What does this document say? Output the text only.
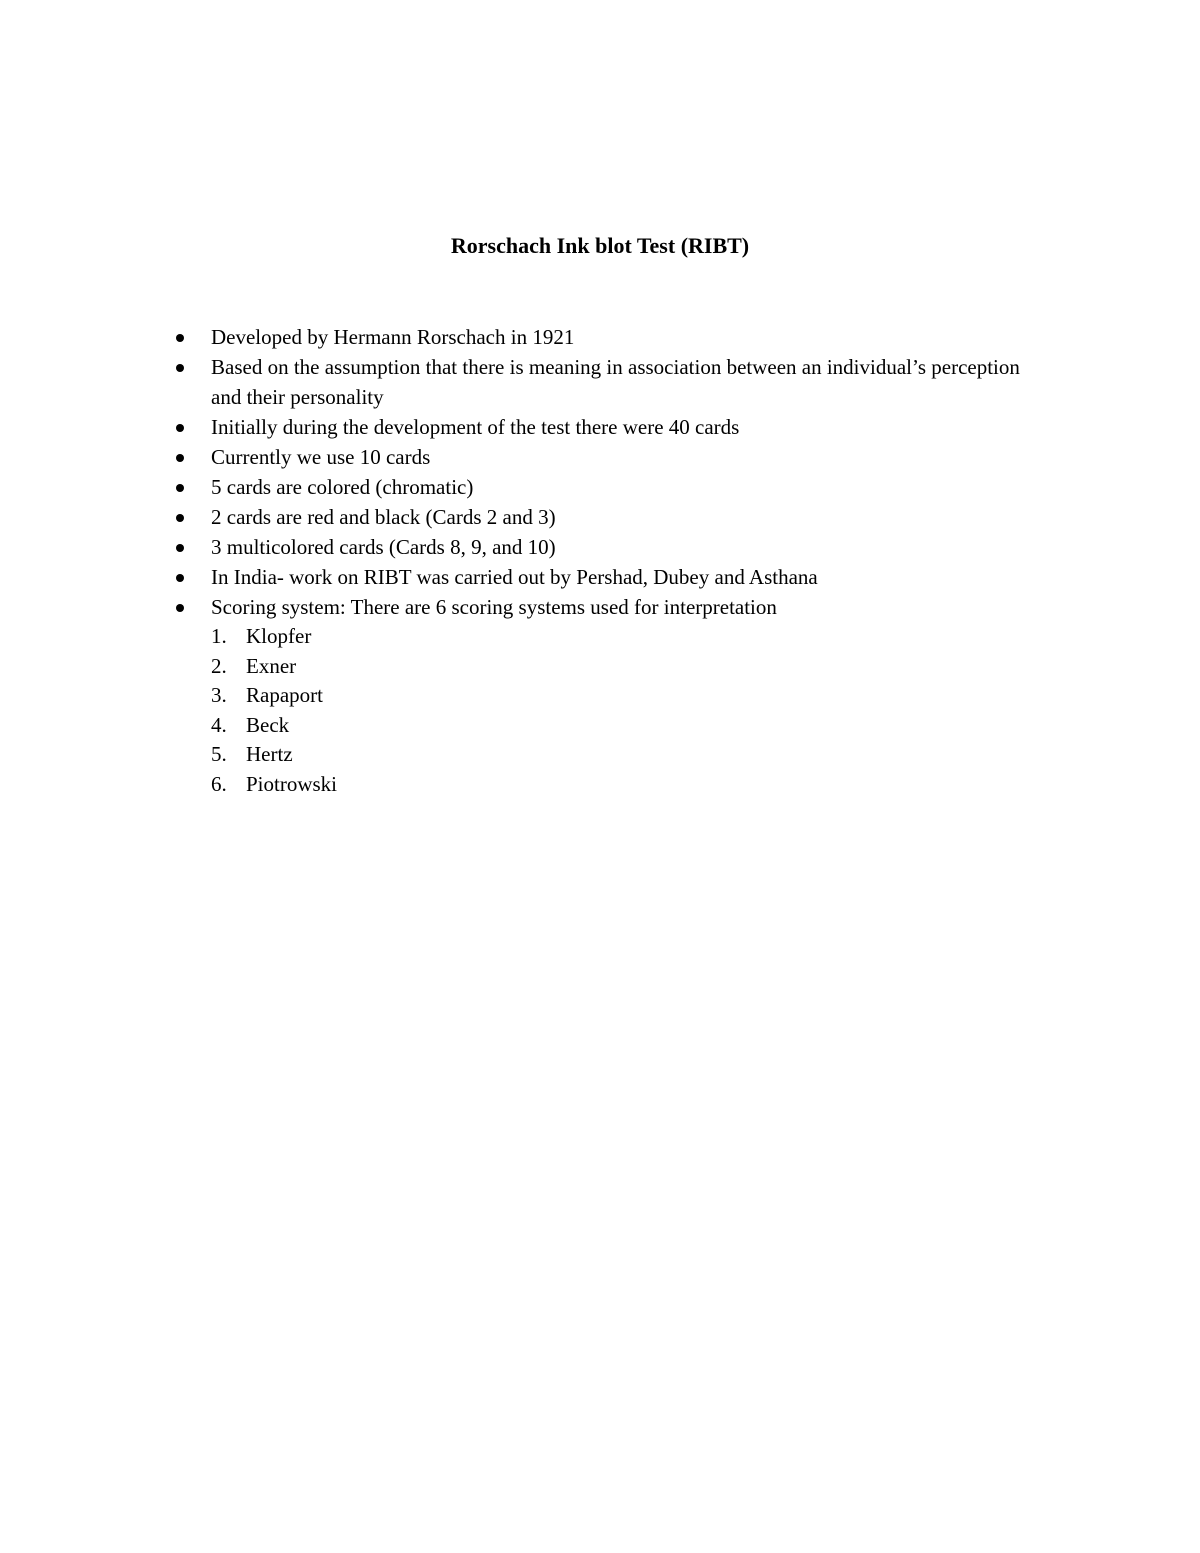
Rorschach Ink blot Test (RIBT)
Developed by Hermann Rorschach in 1921
Based on the assumption that there is meaning in association between an individual’s perception and their personality
Initially during the development of the test there were 40 cards
Currently we use 10 cards
5 cards are colored (chromatic)
2 cards are red and black (Cards 2 and 3)
3 multicolored cards (Cards 8, 9, and 10)
In India- work on RIBT was carried out by Pershad, Dubey and Asthana
Scoring system: There are 6 scoring systems used for interpretation
1. Klopfer
2. Exner
3. Rapaport
4. Beck
5. Hertz
6. Piotrowski
